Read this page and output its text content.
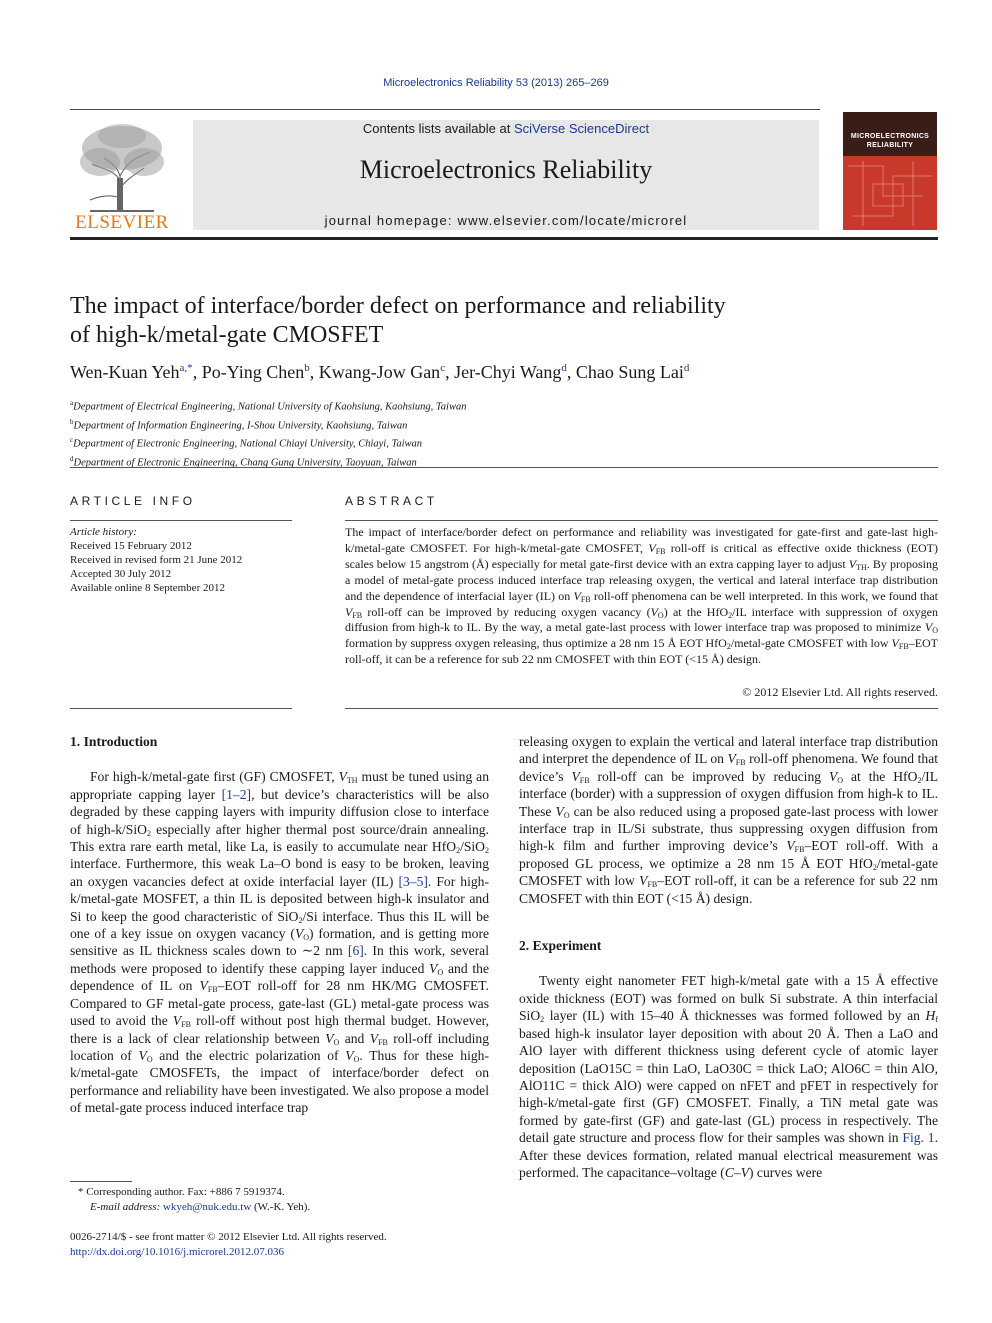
Microelectronics Reliability 53 (2013) 265–269
ELSEVIER
Contents lists available at SciVerse ScienceDirect
Microelectronics Reliability
journal homepage: www.elsevier.com/locate/microrel
MICROELECTRONICS
RELIABILITY
The impact of interface/border defect on performance and reliability
of high-k/metal-gate CMOSFET
Wen-Kuan Yeh$^{a,*}$, Po-Ying Chen$^b$, Kwang-Jow Gan$^c$, Jer-Chyi Wang$^d$, Chao Sung Lai$^d$
$^a$Department of Electrical Engineering, National University of Kaohsiung, Kaohsiung, Taiwan
$^b$Department of Information Engineering, I-Shou University, Kaohsiung, Taiwan
$^c$Department of Electronic Engineering, National Chiayi University, Chiayi, Taiwan
$^d$Department of Electronic Engineering, Chang Gung University, Taoyuan, Taiwan
ARTICLE INFO	ABSTRACT
Article history:
Received 15 February 2012
Received in revised form 21 June 2012
Accepted 30 July 2012
Available online 8 September 2012
The impact of interface/border defect on performance and reliability was investigated for gate-first and gate-last high-k/metal-gate CMOSFET. For high-k/metal-gate CMOSFET, $V_{FB}$ roll-off is critical as effective oxide thickness (EOT) scales below 15 angstrom (Å) especially for metal gate-first device with an extra capping layer to adjust $V_{TH}$. By proposing a model of metal-gate process induced interface trap releasing oxygen, the vertical and lateral interface trap distribution and the dependence of interfacial layer (IL) on $V_{FB}$ roll-off phenomena can be well interpreted. In this work, we found that $V_{FB}$ roll-off can be improved by reducing oxygen vacancy $(V_O)$ at the HfO$_2$/IL interface with suppression of oxygen diffusion from high-k to IL. By the way, a metal gate-last process with lower interface trap was proposed to minimize $V_O$ formation by suppress oxygen releasing, thus optimize a 28 nm 15 Å EOT HfO$_2$/metal-gate CMOSFET with low $V_{FB}$–EOT roll-off, it can be a reference for sub 22 nm CMOSFET with thin EOT (<15 Å) design.
© 2012 Elsevier Ltd. All rights reserved.
1. Introduction

For high-k/metal-gate first (GF) CMOSFET, $V_{TH}$ must be tuned using an appropriate capping layer [1–2], but device’s characteristics will be also degraded by these capping layers with impurity diffusion close to interface of high-k/SiO$_2$ especially after higher thermal post source/drain annealing. This extra rare earth metal, like La, is easily to accumulate near HfO$_2$/SiO$_2$ interface. Furthermore, this weak La–O bond is easy to be broken, leaving an oxygen vacancies defect at oxide interfacial layer (IL) [3–5]. For high-k/metal-gate MOSFET, a thin IL is deposited between high-k insulator and Si to keep the good characteristic of SiO$_2$/Si interface. Thus this IL will be one of a key issue on oxygen vacancy $(V_O)$ formation, and is getting more sensitive as IL thickness scales down to ∼2 nm [6]. In this work, several methods were proposed to identify these capping layer induced $V_O$ and the dependence of IL on $V_{FB}$–EOT roll-off for 28 nm HK/MG CMOSFET. Compared to GF metal-gate process, gate-last (GL) metal-gate process was used to avoid the $V_{FB}$ roll-off without post high thermal budget. However, there is a lack of clear relationship between $V_O$ and $V_{FB}$ roll-off including location of $V_O$ and the electric polarization of $V_O$. Thus for these high-k/metal-gate CMOSFETs, the impact of interface/border defect on performance and reliability have been investigated. We also propose a model of metal-gate process induced interface trap

releasing oxygen to explain the vertical and lateral interface trap distribution and interpret the dependence of IL on $V_{FB}$ roll-off phenomena. We found that device’s $V_{FB}$ roll-off can be improved by reducing $V_O$ at the HfO$_2$/IL interface (border) with a suppression of oxygen diffusion from high-k to IL. These $V_O$ can be also reduced using a proposed gate-last process with lower interface trap in IL/Si substrate, thus suppressing oxygen diffusion from high-k film and further improving device’s $V_{FB}$–EOT roll-off. With a proposed GL process, we optimize a 28 nm 15 Å EOT HfO$_2$/metal-gate CMOSFET with low $V_{FB}$–EOT roll-off, it can be a reference for sub 22 nm CMOSFET with thin EOT (<15 Å) design.

2. Experiment

Twenty eight nanometer FET high-k/metal gate with a 15 Å effective oxide thickness (EOT) was formed on bulk Si substrate. A thin interfacial SiO$_2$ layer (IL) with 15–40 Å thicknesses was formed followed by an $H_f$ based high-k insulator layer deposition with about 20 Å. Then a LaO and AlO layer with different thickness using deferent cycle of atomic layer deposition (LaO15C = thin LaO, LaO30C = thick LaO; AlO6C = thin AlO, AlO11C = thick AlO) were capped on nFET and pFET in respectively for high-k/metal-gate first (GF) CMOSFET. Finally, a TiN metal gate was formed by gate-first (GF) and gate-last (GL) process in respectively. The detail gate structure and process flow for their samples was shown in Fig. 1. After these devices formation, related manual electrical measurement was performed. The capacitance–voltage (C–V) curves were

* Corresponding author. Fax: +886 7 5919374.
E-mail address: wkyeh@nuk.edu.tw (W.-K. Yeh).
0026-2714/$ - see front matter © 2012 Elsevier Ltd. All rights reserved.
http://dx.doi.org/10.1016/j.microrel.2012.07.036
